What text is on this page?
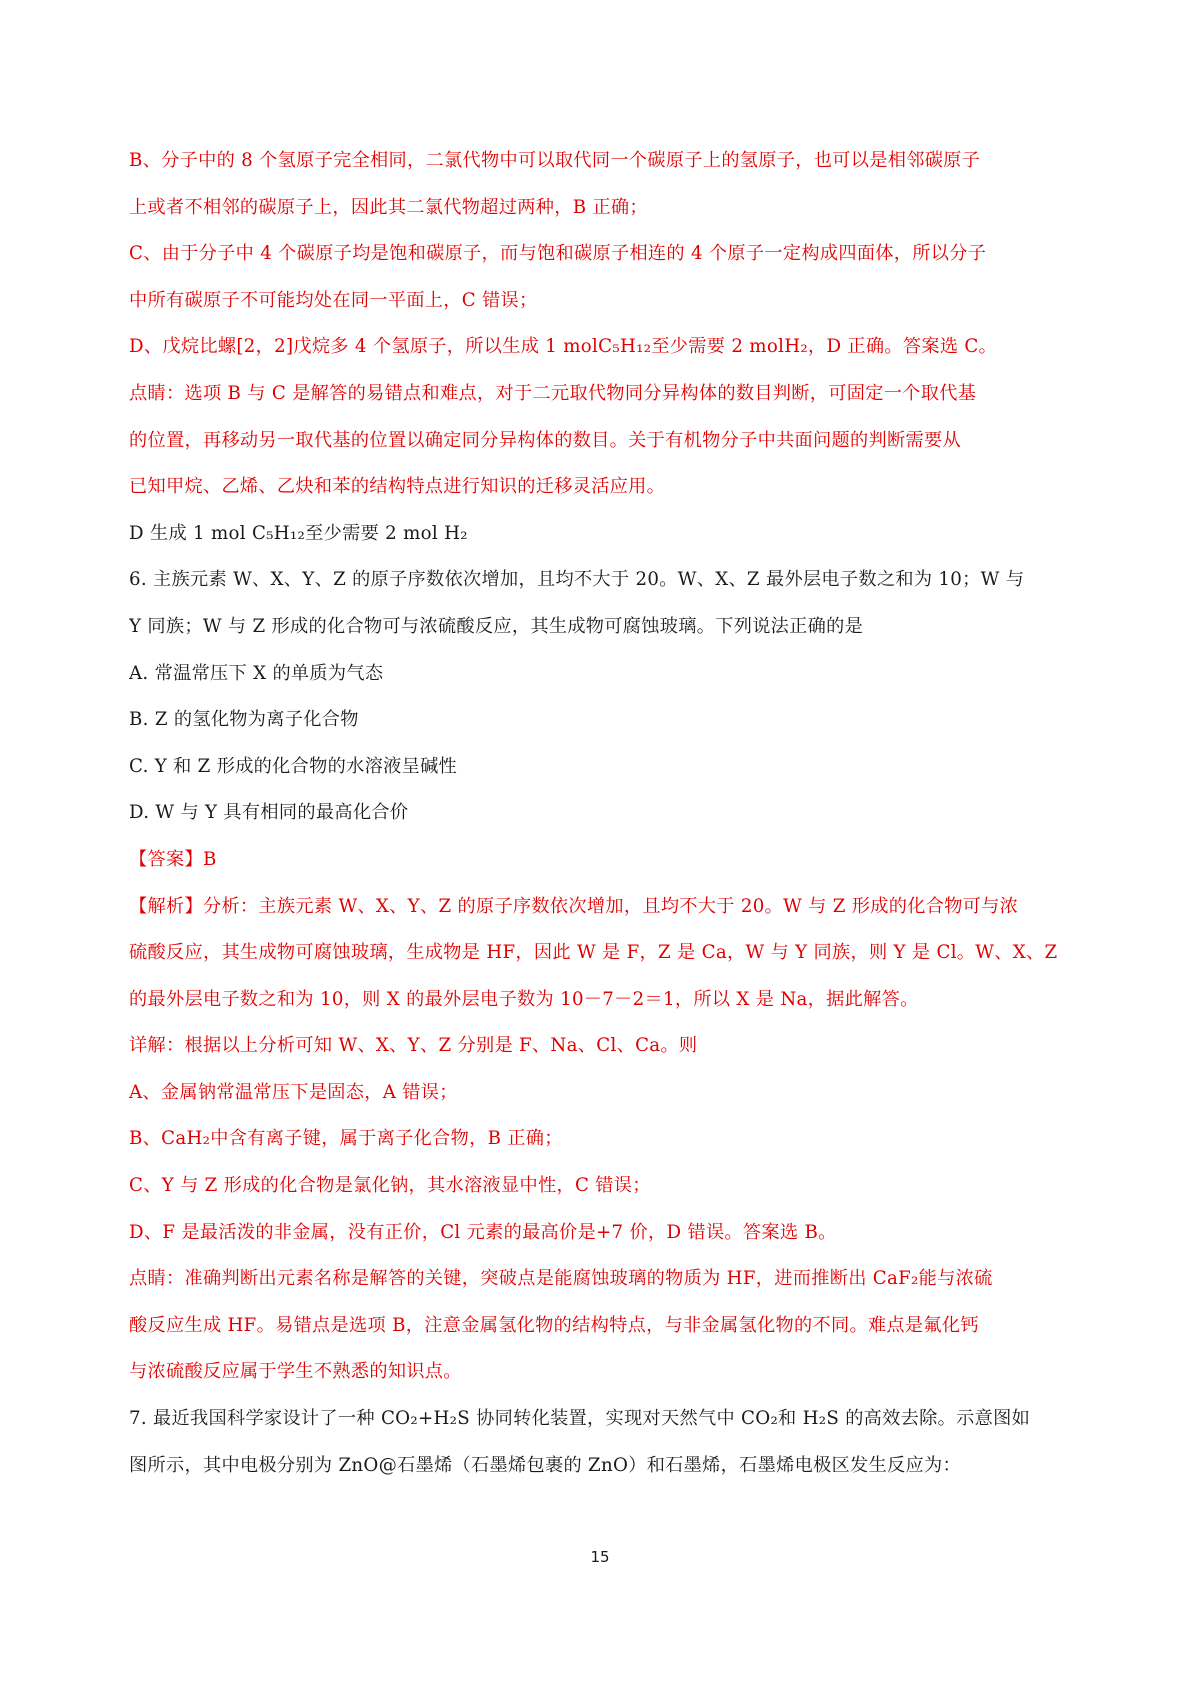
B、分子中的 8 个氢原子完全相同，二氯代物中可以取代同一个碳原子上的氢原子，也可以是相邻碳原子
上或者不相邻的碳原子上，因此其二氯代物超过两种，B 正确；
C、由于分子中 4 个碳原子均是饱和碳原子，而与饱和碳原子相连的 4 个原子一定构成四面体，所以分子
中所有碳原子不可能均处在同一平面上，C 错误；
D、戊烷比螺[2，2]戊烷多 4 个氢原子，所以生成 1 molC₅H₁₂至少需要 2 molH₂，D 正确。答案选 C。
点睛：选项 B 与 C 是解答的易错点和难点，对于二元取代物同分异构体的数目判断，可固定一个取代基
的位置，再移动另一取代基的位置以确定同分异构体的数目。关于有机物分子中共面问题的判断需要从
已知甲烷、乙烯、乙炔和苯的结构特点进行知识的迁移灵活应用。
D 生成 1 mol C₅H₁₂至少需要 2 mol H₂
6. 主族元素 W、X、Y、Z 的原子序数依次增加，且均不大于 20。W、X、Z 最外层电子数之和为 10；W 与
Y 同族；W 与 Z 形成的化合物可与浓硫酸反应，其生成物可腐蚀玻璃。下列说法正确的是
A. 常温常压下 X 的单质为气态
B. Z 的氢化物为离子化合物
C. Y 和 Z 形成的化合物的水溶液呈碱性
D. W 与 Y 具有相同的最高化合价
【答案】B
【解析】分析：主族元素 W、X、Y、Z 的原子序数依次增加，且均不大于 20。W 与 Z 形成的化合物可与浓
硫酸反应，其生成物可腐蚀玻璃，生成物是 HF，因此 W 是 F，Z 是 Ca，W 与 Y 同族，则 Y 是 Cl。W、X、Z
的最外层电子数之和为 10，则 X 的最外层电子数为 10－7－2＝1，所以 X 是 Na，据此解答。
详解：根据以上分析可知 W、X、Y、Z 分别是 F、Na、Cl、Ca。则
A、金属钠常温常压下是固态，A 错误；
B、CaH₂中含有离子键，属于离子化合物，B 正确；
C、Y 与 Z 形成的化合物是氯化钠，其水溶液显中性，C 错误；
D、F 是最活泼的非金属，没有正价，Cl 元素的最高价是+7 价，D 错误。答案选 B。
点睛：准确判断出元素名称是解答的关键，突破点是能腐蚀玻璃的物质为 HF，进而推断出 CaF₂能与浓硫
酸反应生成 HF。易错点是选项 B，注意金属氢化物的结构特点，与非金属氢化物的不同。难点是氟化钙
与浓硫酸反应属于学生不熟悉的知识点。
7. 最近我国科学家设计了一种 CO₂+H₂S 协同转化装置，实现对天然气中 CO₂和 H₂S 的高效去除。示意图如
图所示，其中电极分别为 ZnO@石墨烯（石墨烯包裹的 ZnO）和石墨烯，石墨烯电极区发生反应为：
15
